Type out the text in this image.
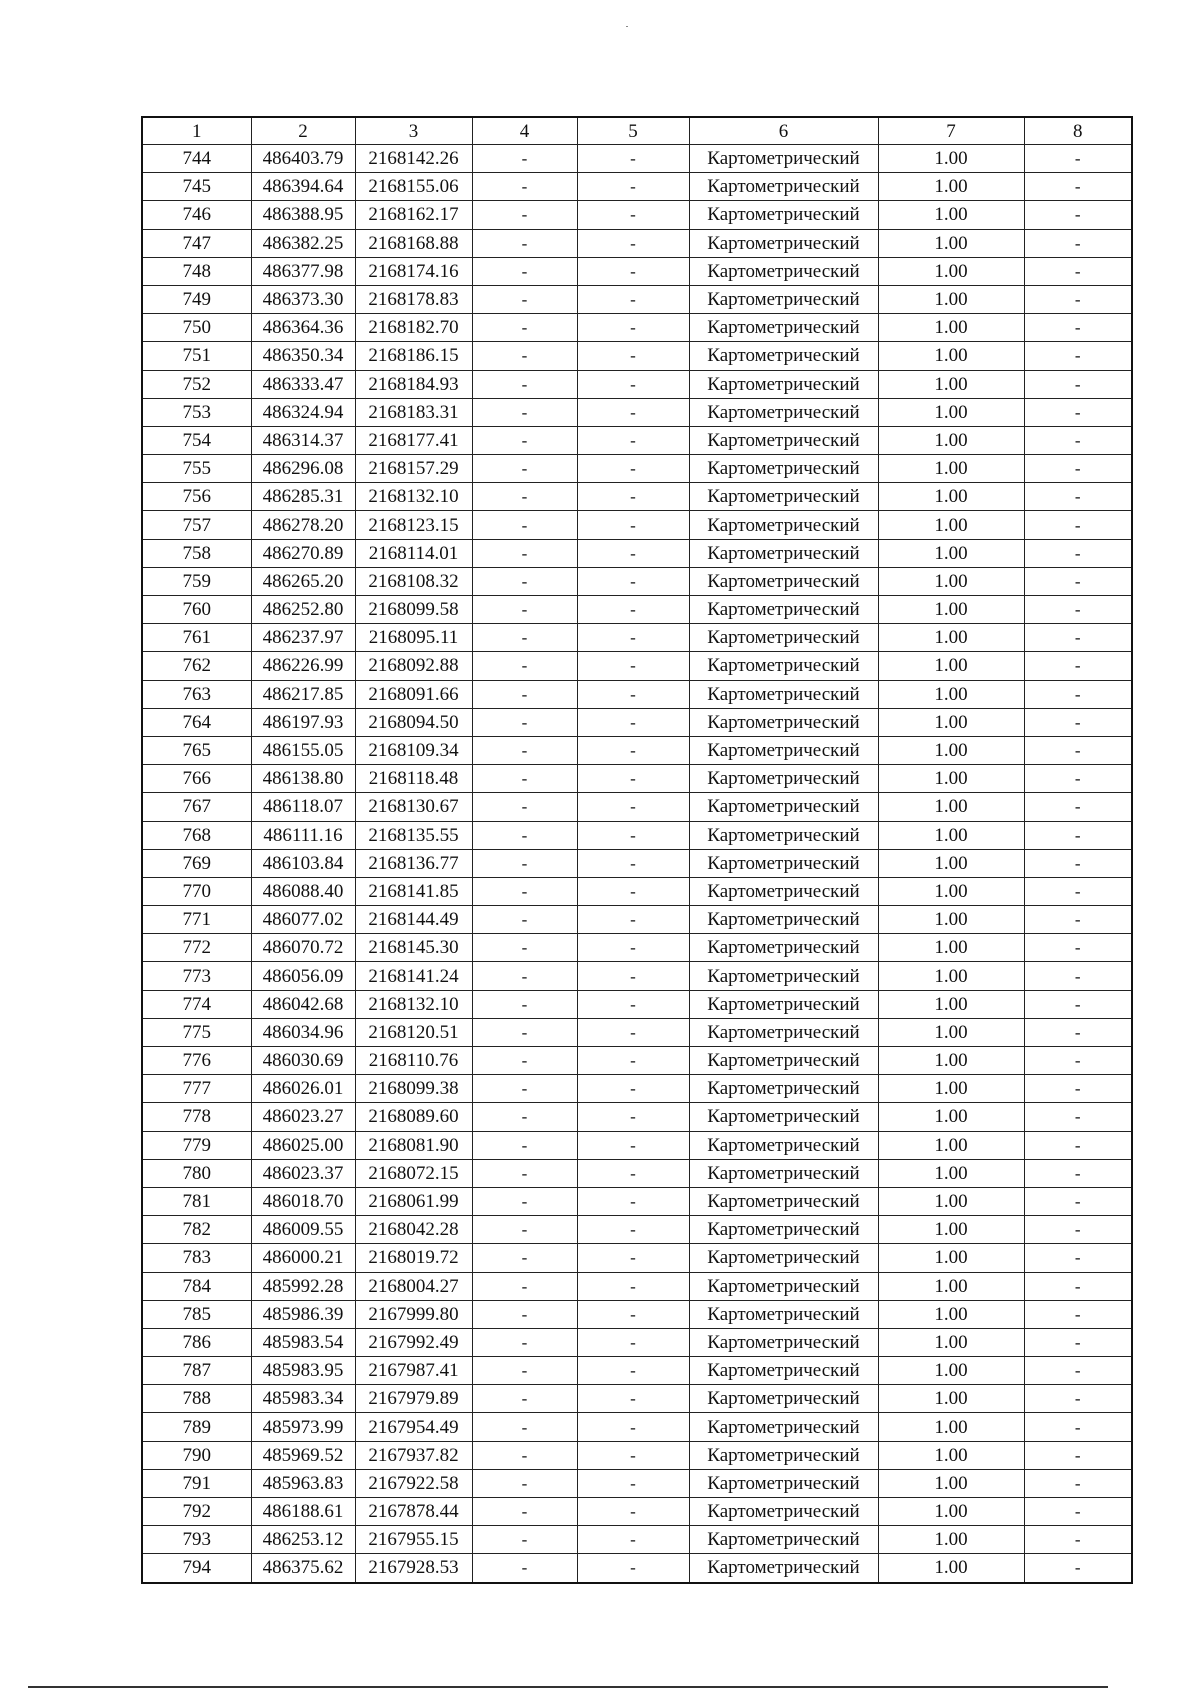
1	2	3	4	5	6	7	8
744	486403.79	2168142.26	-	-	Картометрический	1.00	-
745	486394.64	2168155.06	-	-	Картометрический	1.00	-
746	486388.95	2168162.17	-	-	Картометрический	1.00	-
747	486382.25	2168168.88	-	-	Картометрический	1.00	-
748	486377.98	2168174.16	-	-	Картометрический	1.00	-
749	486373.30	2168178.83	-	-	Картометрический	1.00	-
750	486364.36	2168182.70	-	-	Картометрический	1.00	-
751	486350.34	2168186.15	-	-	Картометрический	1.00	-
752	486333.47	2168184.93	-	-	Картометрический	1.00	-
753	486324.94	2168183.31	-	-	Картометрический	1.00	-
754	486314.37	2168177.41	-	-	Картометрический	1.00	-
755	486296.08	2168157.29	-	-	Картометрический	1.00	-
756	486285.31	2168132.10	-	-	Картометрический	1.00	-
757	486278.20	2168123.15	-	-	Картометрический	1.00	-
758	486270.89	2168114.01	-	-	Картометрический	1.00	-
759	486265.20	2168108.32	-	-	Картометрический	1.00	-
760	486252.80	2168099.58	-	-	Картометрический	1.00	-
761	486237.97	2168095.11	-	-	Картометрический	1.00	-
762	486226.99	2168092.88	-	-	Картометрический	1.00	-
763	486217.85	2168091.66	-	-	Картометрический	1.00	-
764	486197.93	2168094.50	-	-	Картометрический	1.00	-
765	486155.05	2168109.34	-	-	Картометрический	1.00	-
766	486138.80	2168118.48	-	-	Картометрический	1.00	-
767	486118.07	2168130.67	-	-	Картометрический	1.00	-
768	486111.16	2168135.55	-	-	Картометрический	1.00	-
769	486103.84	2168136.77	-	-	Картометрический	1.00	-
770	486088.40	2168141.85	-	-	Картометрический	1.00	-
771	486077.02	2168144.49	-	-	Картометрический	1.00	-
772	486070.72	2168145.30	-	-	Картометрический	1.00	-
773	486056.09	2168141.24	-	-	Картометрический	1.00	-
774	486042.68	2168132.10	-	-	Картометрический	1.00	-
775	486034.96	2168120.51	-	-	Картометрический	1.00	-
776	486030.69	2168110.76	-	-	Картометрический	1.00	-
777	486026.01	2168099.38	-	-	Картометрический	1.00	-
778	486023.27	2168089.60	-	-	Картометрический	1.00	-
779	486025.00	2168081.90	-	-	Картометрический	1.00	-
780	486023.37	2168072.15	-	-	Картометрический	1.00	-
781	486018.70	2168061.99	-	-	Картометрический	1.00	-
782	486009.55	2168042.28	-	-	Картометрический	1.00	-
783	486000.21	2168019.72	-	-	Картометрический	1.00	-
784	485992.28	2168004.27	-	-	Картометрический	1.00	-
785	485986.39	2167999.80	-	-	Картометрический	1.00	-
786	485983.54	2167992.49	-	-	Картометрический	1.00	-
787	485983.95	2167987.41	-	-	Картометрический	1.00	-
788	485983.34	2167979.89	-	-	Картометрический	1.00	-
789	485973.99	2167954.49	-	-	Картометрический	1.00	-
790	485969.52	2167937.82	-	-	Картометрический	1.00	-
791	485963.83	2167922.58	-	-	Картометрический	1.00	-
792	486188.61	2167878.44	-	-	Картометрический	1.00	-
793	486253.12	2167955.15	-	-	Картометрический	1.00	-
794	486375.62	2167928.53	-	-	Картометрический	1.00	-
